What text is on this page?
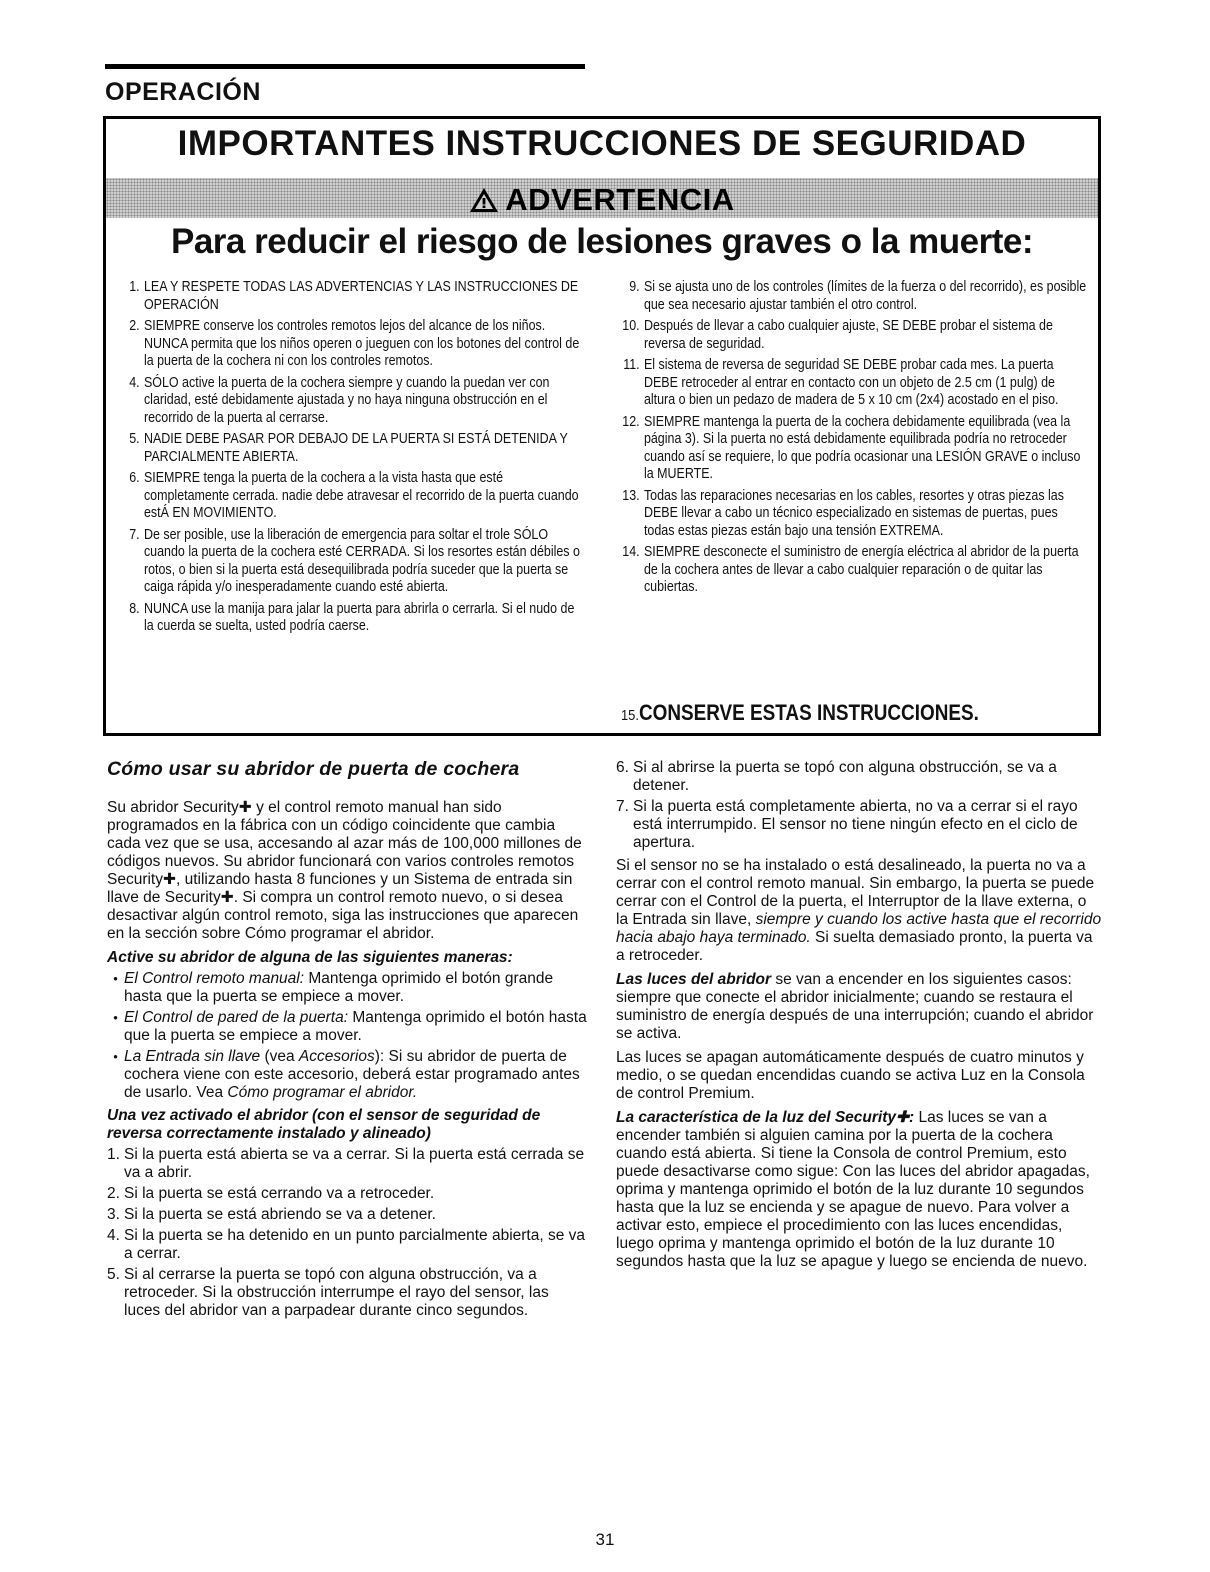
OPERACIÓN
IMPORTANTES INSTRUCCIONES DE SEGURIDAD
ADVERTENCIA
Para reducir el riesgo de lesiones graves o la muerte:
1. LEA Y RESPETE TODAS LAS ADVERTENCIAS Y LAS INSTRUCCIONES DE OPERACIÓN
2. SIEMPRE conserve los controles remotos lejos del alcance de los niños. NUNCA permita que los niños operen o jueguen con los botones del control de la puerta de la cochera ni con los controles remotos.
4. SÓLO active la puerta de la cochera siempre y cuando la puedan ver con claridad, esté debidamente ajustada y no haya ninguna obstrucción en el recorrido de la puerta al cerrarse.
5. NADIE DEBE PASAR POR DEBAJO DE LA PUERTA SI ESTÁ DETENIDA Y PARCIALMENTE ABIERTA.
6. SIEMPRE tenga la puerta de la cochera a la vista hasta que esté completamente cerrada. nadie debe atravesar el recorrido de la puerta cuando estÁ EN MOVIMIENTO.
7. De ser posible, use la liberación de emergencia para soltar el trole SÓLO cuando la puerta de la cochera esté CERRADA. Si los resortes están débiles o rotos, o bien si la puerta está desequilibrada podría suceder que la puerta se caiga rápida y/o inesperadamente cuando esté abierta.
8. NUNCA use la manija para jalar la puerta para abrirla o cerrarla. Si el nudo de la cuerda se suelta, usted podría caerse.
9. Si se ajusta uno de los controles (límites de la fuerza o del recorrido), es posible que sea necesario ajustar también el otro control.
10. Después de llevar a cabo cualquier ajuste, SE DEBE probar el sistema de reversa de seguridad.
11. El sistema de reversa de seguridad SE DEBE probar cada mes. La puerta DEBE retroceder al entrar en contacto con un objeto de 2.5 cm (1 pulg) de altura o bien un pedazo de madera de 5 x 10 cm (2x4) acostado en el piso.
12. SIEMPRE mantenga la puerta de la cochera debidamente equilibrada (vea la página 3). Si la puerta no está debidamente equilibrada podría no retroceder cuando así se requiere, lo que podría ocasionar una LESIÓN GRAVE o incluso la MUERTE.
13. Todas las reparaciones necesarias en los cables, resortes y otras piezas las DEBE llevar a cabo un técnico especializado en sistemas de puertas, pues todas estas piezas están bajo una tensión EXTREMA.
14. SIEMPRE desconecte el suministro de energía eléctrica al abridor de la puerta de la cochera antes de llevar a cabo cualquier reparación o de quitar las cubiertas.
15.CONSERVE ESTAS INSTRUCCIONES.
Cómo usar su abridor de puerta de cochera
Su abridor Security✚ y el control remoto manual han sido programados en la fábrica con un código coincidente que cambia cada vez que se usa, accesando al azar más de 100,000 millones de códigos nuevos. Su abridor funcionará con varios controles remotos Security✚, utilizando hasta 8 funciones y un Sistema de entrada sin llave de Security✚. Si compra un control remoto nuevo, o si desea desactivar algún control remoto, siga las instrucciones que aparecen en la sección sobre Cómo programar el abridor.
Active su abridor de alguna de las siguientes maneras:
• El Control remoto manual: Mantenga oprimido el botón grande hasta que la puerta se empiece a mover.
• El Control de pared de la puerta: Mantenga oprimido el botón hasta que la puerta se empiece a mover.
• La Entrada sin llave (vea Accesorios): Si su abridor de puerta de cochera viene con este accesorio, deberá estar programado antes de usarlo. Vea Cómo programar el abridor.
Una vez activado el abridor (con el sensor de seguridad de reversa correctamente instalado y alineado)
1. Si la puerta está abierta se va a cerrar. Si la puerta está cerrada se va a abrir.
2. Si la puerta se está cerrando va a retroceder.
3. Si la puerta se está abriendo se va a detener.
4. Si la puerta se ha detenido en un punto parcialmente abierta, se va a cerrar.
5. Si al cerrarse la puerta se topó con alguna obstrucción, va a retroceder. Si la obstrucción interrumpe el rayo del sensor, las luces del abridor van a parpadear durante cinco segundos.
6. Si al abrirse la puerta se topó con alguna obstrucción, se va a detener.
7. Si la puerta está completamente abierta, no va a cerrar si el rayo está interrumpido. El sensor no tiene ningún efecto en el ciclo de apertura.
Si el sensor no se ha instalado o está desalineado, la puerta no va a cerrar con el control remoto manual. Sin embargo, la puerta se puede cerrar con el Control de la puerta, el Interruptor de la llave externa, o la Entrada sin llave, siempre y cuando los active hasta que el recorrido hacia abajo haya terminado. Si suelta demasiado pronto, la puerta va a retroceder.
Las luces del abridor se van a encender en los siguientes casos: siempre que conecte el abridor inicialmente; cuando se restaura el suministro de energía después de una interrupción; cuando el abridor se activa.
Las luces se apagan automáticamente después de cuatro minutos y medio, o se quedan encendidas cuando se activa Luz en la Consola de control Premium.
La característica de la luz del Security✚: Las luces se van a encender también si alguien camina por la puerta de la cochera cuando está abierta. Si tiene la Consola de control Premium, esto puede desactivarse como sigue: Con las luces del abridor apagadas, oprima y mantenga oprimido el botón de la luz durante 10 segundos hasta que la luz se encienda y se apague de nuevo. Para volver a activar esto, empiece el procedimiento con las luces encendidas, luego oprima y mantenga oprimido el botón de la luz durante 10 segundos hasta que la luz se apague y luego se encienda de nuevo.
31
